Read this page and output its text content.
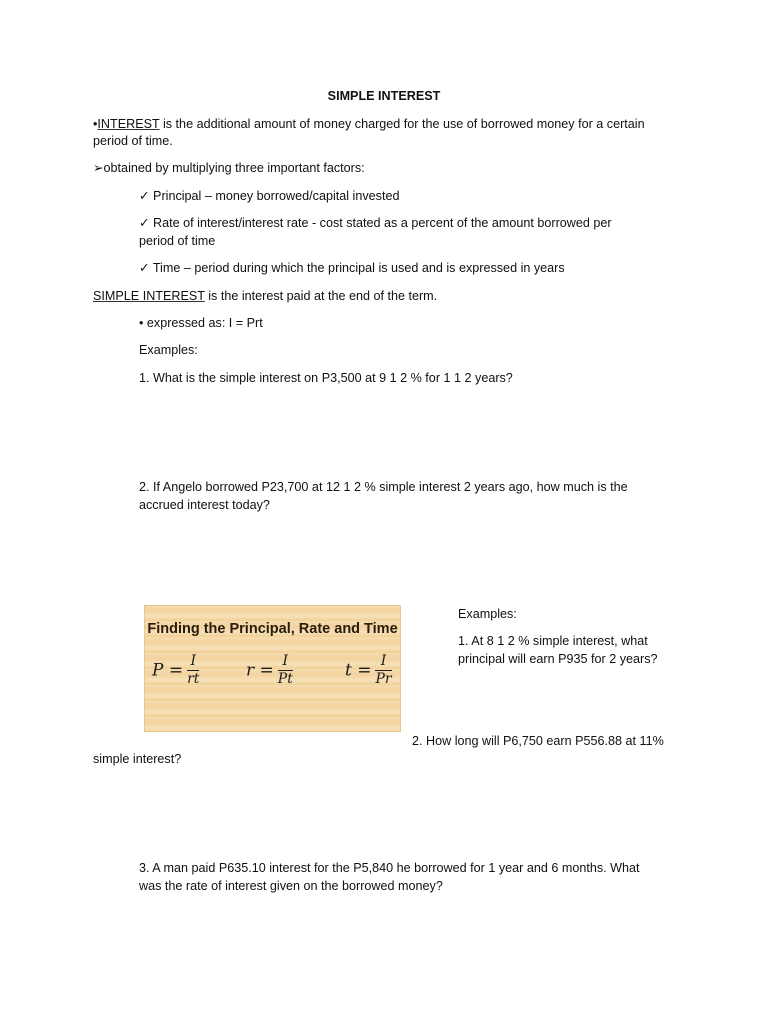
SIMPLE INTEREST
•INTEREST is the additional amount of money charged for the use of borrowed money for a certain
period of time.
➢obtained by multiplying three important factors:
✓ Principal – money borrowed/capital invested
✓ Rate of interest/interest rate - cost stated as a percent of the amount borrowed per
period of time
✓ Time – period during which the principal is used and is expressed in years
SIMPLE INTEREST is the interest paid at the end of the term.
• expressed as: I = Prt
Examples:
1. What is the simple interest on P3,500 at 9 1 2 % for 1 1 2 years?
2. If Angelo borrowed P23,700 at 12 1 2 % simple interest 2 years ago, how much is the
accrued interest today?
Finding the Principal, Rate and Time
$P = \frac{I}{rt}$	$r = \frac{I}{Pt}$	$t = \frac{I}{Pr}$
Examples:
1. At 8 1 2 % simple interest, what
principal will earn P935 for 2 years?
2. How long will P6,750 earn P556.88 at 11%
simple interest?
3. A man paid P635.10 interest for the P5,840 he borrowed for 1 year and 6 months. What
was the rate of interest given on the borrowed money?
